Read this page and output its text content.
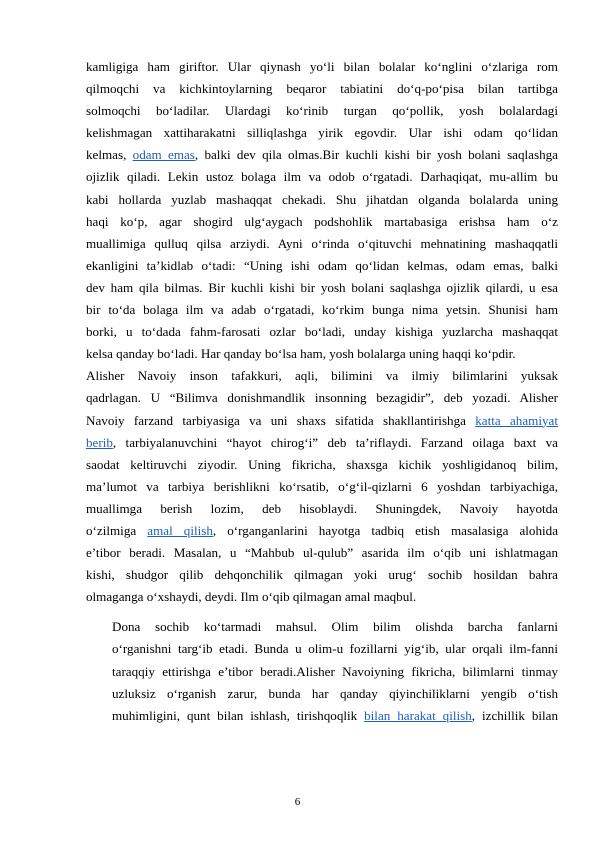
kamligiga ham giriftor. Ular qiynash yo‘li bilan bolalar ko‘nglini o‘zlariga rom
qilmoqchi va kichkintoylarning beqaror tabiatini do‘q-po‘pisa bilan tartibga
solmoqchi bo‘ladilar. Ulardagi ko‘rinib turgan qo‘pollik, yosh bolalardagi
kelishmagan xattiharakatni silliqlashga yirik egovdir. Ular ishi odam qo‘lidan
kelmas, odam emas, balki dev qila olmas.Bir kuchli kishi bir yosh bolani saqlashga
ojizlik qiladi. Lekin ustoz bolaga ilm va odob o‘rgatadi. Darhaqiqat, mu-allim bu
kabi hollarda yuzlab mashaqqat chekadi. Shu jihatdan olganda bolalarda uning
haqi ko‘p, agar shogird ulg‘aygach podshohlik martabasiga erishsa ham o‘z
muallimiga qulluq qilsa arziydi. Ayni o‘rinda o‘qituvchi mehnatining mashaqqatli
ekanligini ta’kidlab o‘tadi: “Uning ishi odam qo‘lidan kelmas, odam emas, balki
dev ham qila bilmas. Bir kuchli kishi bir yosh bolani saqlashga ojizlik qilardi, u esa
bir to‘da bolaga ilm va adab o‘rgatadi, ko‘rkim bunga nima yetsin. Shunisi ham
borki, u to‘dada fahm-farosati ozlar bo‘ladi, unday kishiga yuzlarcha mashaqqat
kelsa qanday bo‘ladi. Har qanday bo‘lsa ham, yosh bolalarga uning haqqi ko‘pdir.

Alisher Navoiy inson tafakkuri, aqli, bilimini va ilmiy bilimlarini yuksak
qadrlagan. U “Bilimva donishmandlik insonning bezagidir”, deb yozadi. Alisher
Navoiy farzand tarbiyasiga va uni shaxs sifatida shakllantirishga katta ahamiyat
berib, tarbiyalanuvchini “hayot chirog‘i” deb ta’riflaydi. Farzand oilaga baxt va
saodat keltiruvchi ziyodir. Uning fikricha, shaxsga kichik yoshligidanoq bilim,
ma’lumot va tarbiya berishlikni ko‘rsatib, o‘g‘il-qizlarni 6 yoshdan tarbiyachiga,
muallimga berish lozim, deb hisoblaydi. Shuningdek, Navoiy hayotda
o‘zilmiga amal qilish, o‘rganganlarini hayotga tadbiq etish masalasiga alohida
e’tibor beradi. Masalan, u “Mahbub ul-qulub” asarida ilm o‘qib uni ishlatmagan
kishi, shudgor qilib dehqonchilik qilmagan yoki urug‘ sochib hosildan bahra
olmaganga o‘xshaydi, deydi. Ilm o‘qib qilmagan amal maqbul.

Dona sochib ko‘tarmadi mahsul. Olim bilim olishda barcha fanlarni
o‘rganishni targ‘ib etadi. Bunda u olim-u fozillarni yig‘ib, ular orqali ilm-fanni
taraqqiy ettirishga e’tibor beradi.Alisher Navoiyning fikricha, bilimlarni tinmay
uzluksiz o‘rganish zarur, bunda har qanday qiyinchiliklarni yengib o‘tish
muhimligini, qunt bilan ishlash, tirishqoqlik bilan harakat qilish, izchillik bilan

6
